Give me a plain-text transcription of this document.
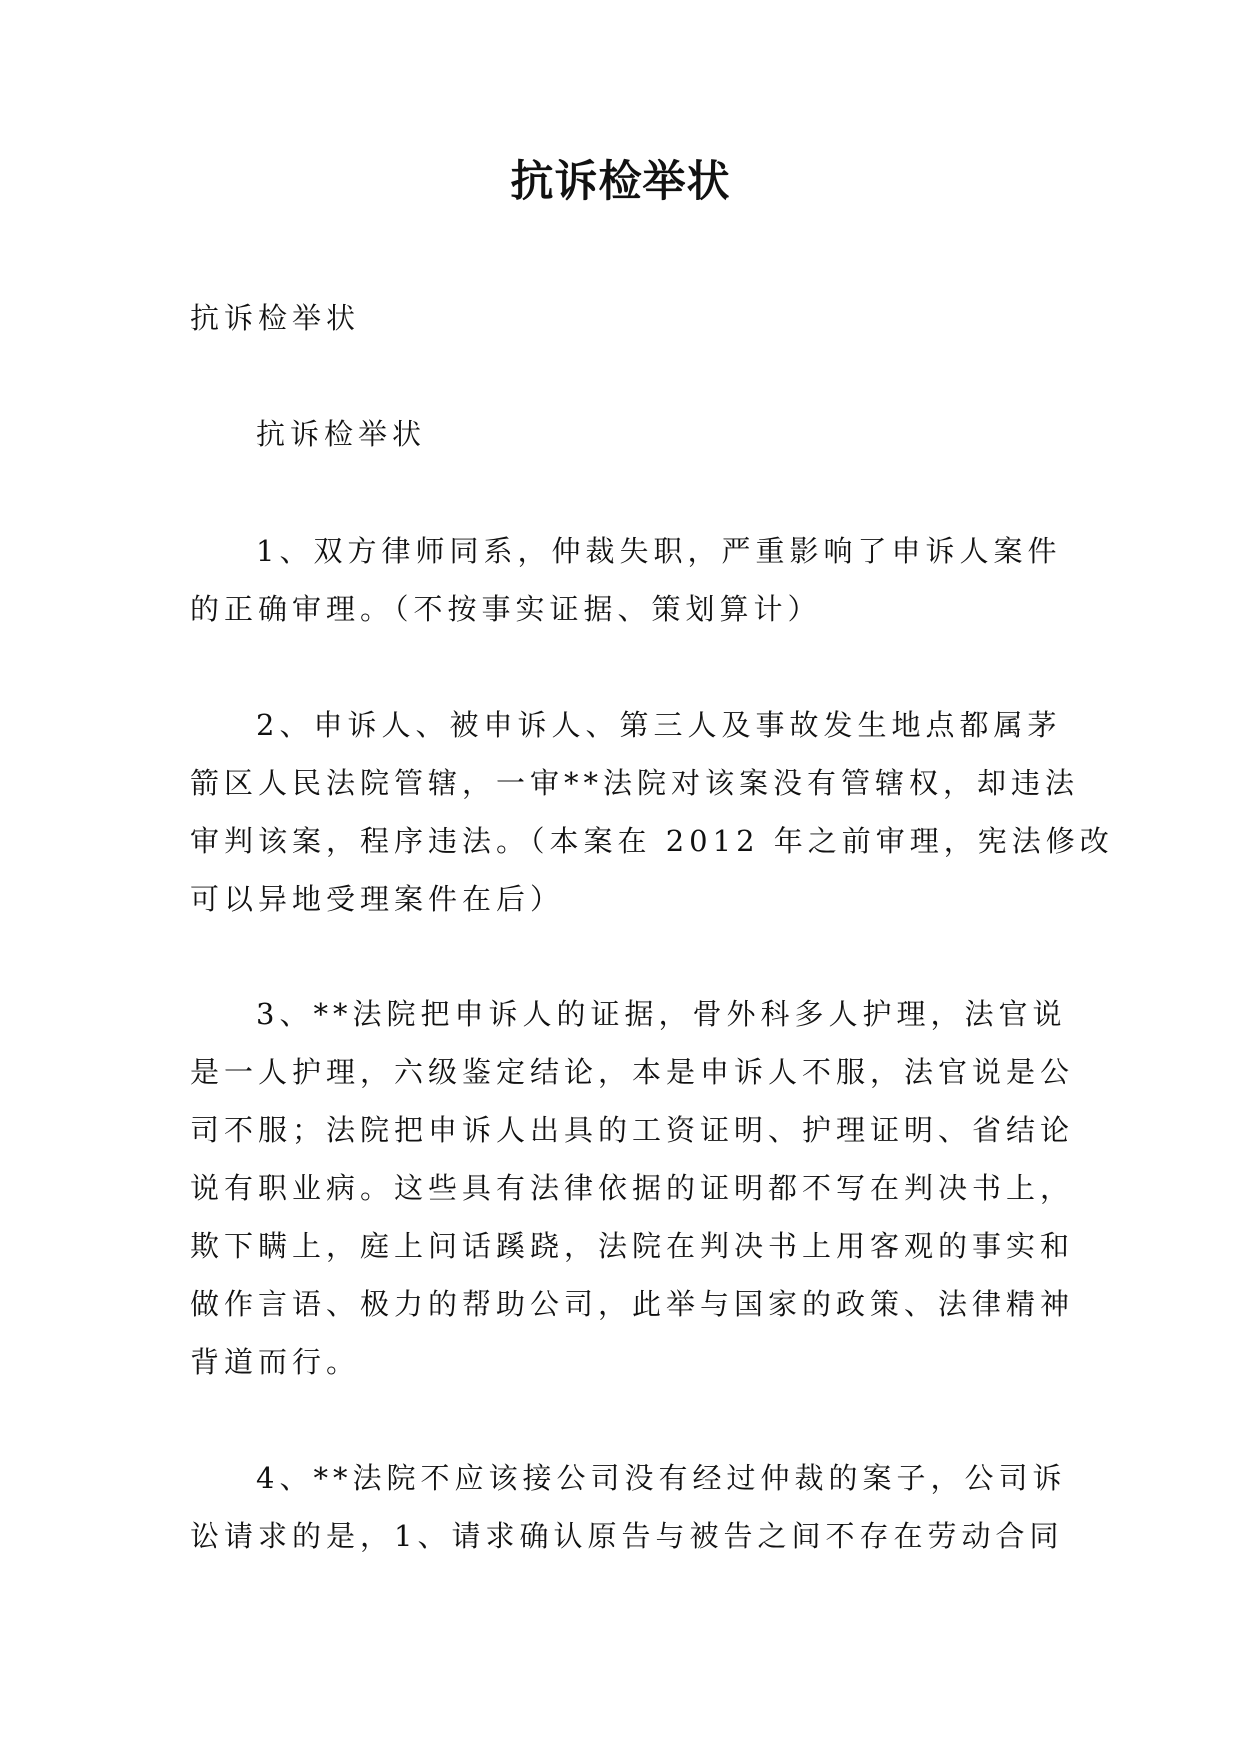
抗诉检举状
抗诉检举状
抗诉检举状
1、双方律师同系，仲裁失职，严重影响了申诉人案件
的正确审理。（不按事实证据、策划算计）
2、申诉人、被申诉人、第三人及事故发生地点都属茅
箭区人民法院管辖，一审**法院对该案没有管辖权，却违法
审判该案，程序违法。（本案在 2012 年之前审理，宪法修改
可以异地受理案件在后）
3、**法院把申诉人的证据，骨外科多人护理，法官说
是一人护理，六级鉴定结论，本是申诉人不服，法官说是公
司不服；法院把申诉人出具的工资证明、护理证明、省结论
说有职业病。这些具有法律依据的证明都不写在判决书上，
欺下瞒上，庭上问话蹊跷，法院在判决书上用客观的事实和
做作言语、极力的帮助公司，此举与国家的政策、法律精神
背道而行。
4、**法院不应该接公司没有经过仲裁的案子，公司诉
讼请求的是，1、请求确认原告与被告之间不存在劳动合同
